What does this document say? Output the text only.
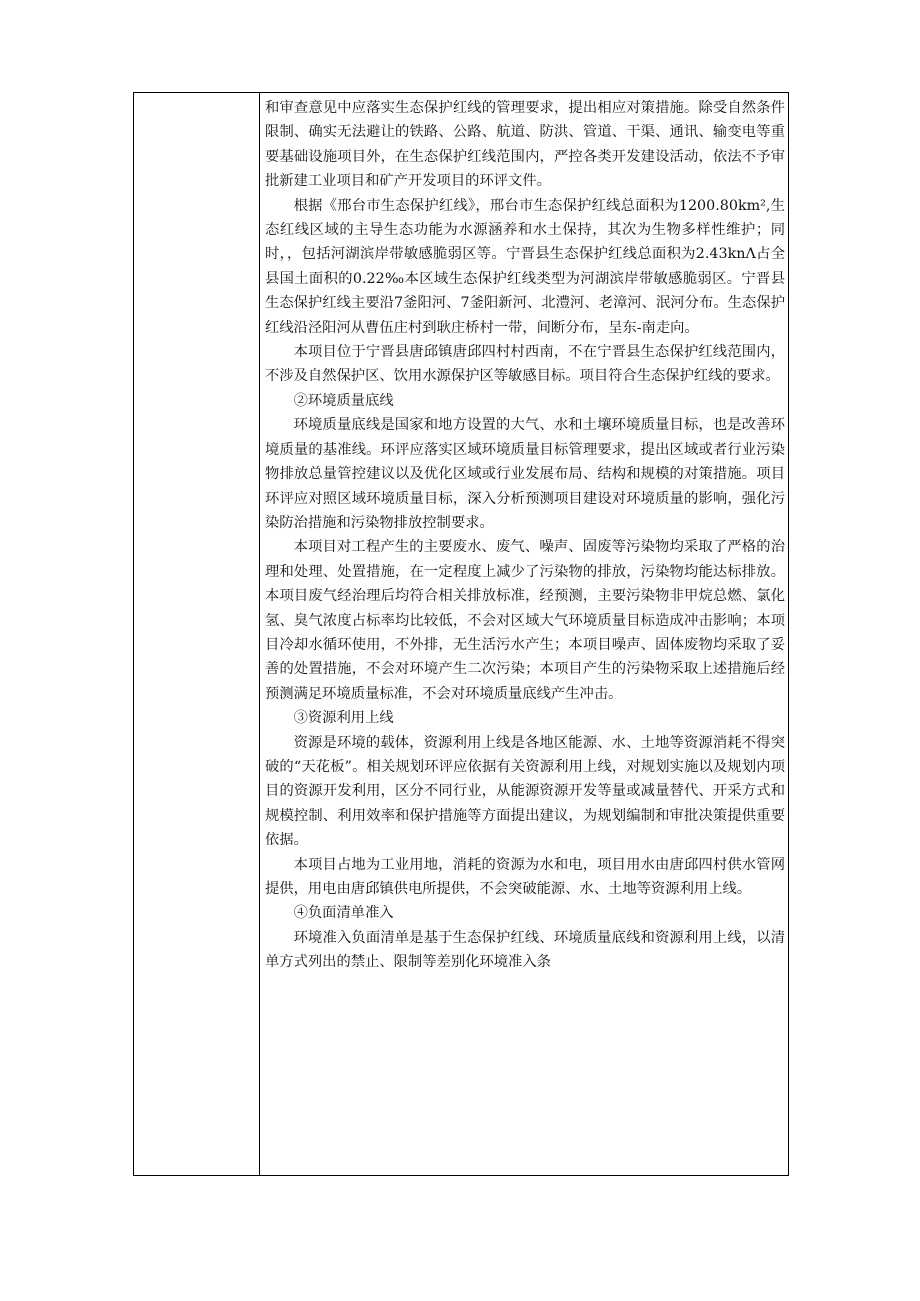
和审查意见中应落实生态保护红线的管理要求，提出相应对策措施。除受自然条件限制、确实无法避让的铁路、公路、航道、防洪、管道、干渠、通讯、输变电等重要基础设施项目外，在生态保护红线范围内，严控各类开发建设活动，依法不予审批新建工业项目和矿产开发项目的环评文件。

根据《邢台市生态保护红线》，邢台市生态保护红线总面积为1200.80km²,生态红线区域的主导生态功能为水源涵养和水土保持，其次为生物多样性维护；同时，，包括河湖滨岸带敏感脆弱区等。宁晋县生态保护红线总面积为2.43knΛ占全县国土面积的0.22‰本区域生态保护红线类型为河湖滨岸带敏感脆弱区。宁晋县生态保护红线主要沿7釜阳河、7釜阳新河、北澧河、老漳河、泯河分布。生态保护红线沿泾阳河从曹伍庄村到耿庄桥村一带，间断分布，呈东-南走向。

本项目位于宁晋县唐邱镇唐邱四村村西南，不在宁晋县生态保护红线范围内，不涉及自然保护区、饮用水源保护区等敏感目标。项目符合生态保护红线的要求。

②环境质量底线

环境质量底线是国家和地方设置的大气、水和土壤环境质量目标，也是改善环境质量的基准线。环评应落实区域环境质量目标管理要求，提出区域或者行业污染物排放总量管控建议以及优化区域或行业发展布局、结构和规模的对策措施。项目环评应对照区域环境质量目标，深入分析预测项目建设对环境质量的影响，强化污染防治措施和污染物排放控制要求。

本项目对工程产生的主要废水、废气、噪声、固废等污染物均采取了严格的治理和处理、处置措施，在一定程度上减少了污染物的排放，污染物均能达标排放。本项目废气经治理后均符合相关排放标准，经预测，主要污染物非甲烷总燃、氯化氢、臭气浓度占标率均比较低，不会对区域大气环境质量目标造成冲击影响；本项目冷却水循环使用，不外排，无生活污水产生；本项目噪声、固体废物均采取了妥善的处置措施，不会对环境产生二次污染；本项目产生的污染物采取上述措施后经预测满足环境质量标准，不会对环境质量底线产生冲击。

③资源利用上线

资源是环境的载体，资源利用上线是各地区能源、水、土地等资源消耗不得突破的“天花板”。相关规划环评应依据有关资源利用上线，对规划实施以及规划内项目的资源开发利用，区分不同行业，从能源资源开发等量或减量替代、开采方式和规模控制、利用效率和保护措施等方面提出建议，为规划编制和审批决策提供重要依据。

本项目占地为工业用地，消耗的资源为水和电，项目用水由唐邱四村供水管网提供，用电由唐邱镇供电所提供，不会突破能源、水、土地等资源利用上线。

④负面清单准入

环境准入负面清单是基于生态保护红线、环境质量底线和资源利用上线，以清单方式列出的禁止、限制等差别化环境准入条
